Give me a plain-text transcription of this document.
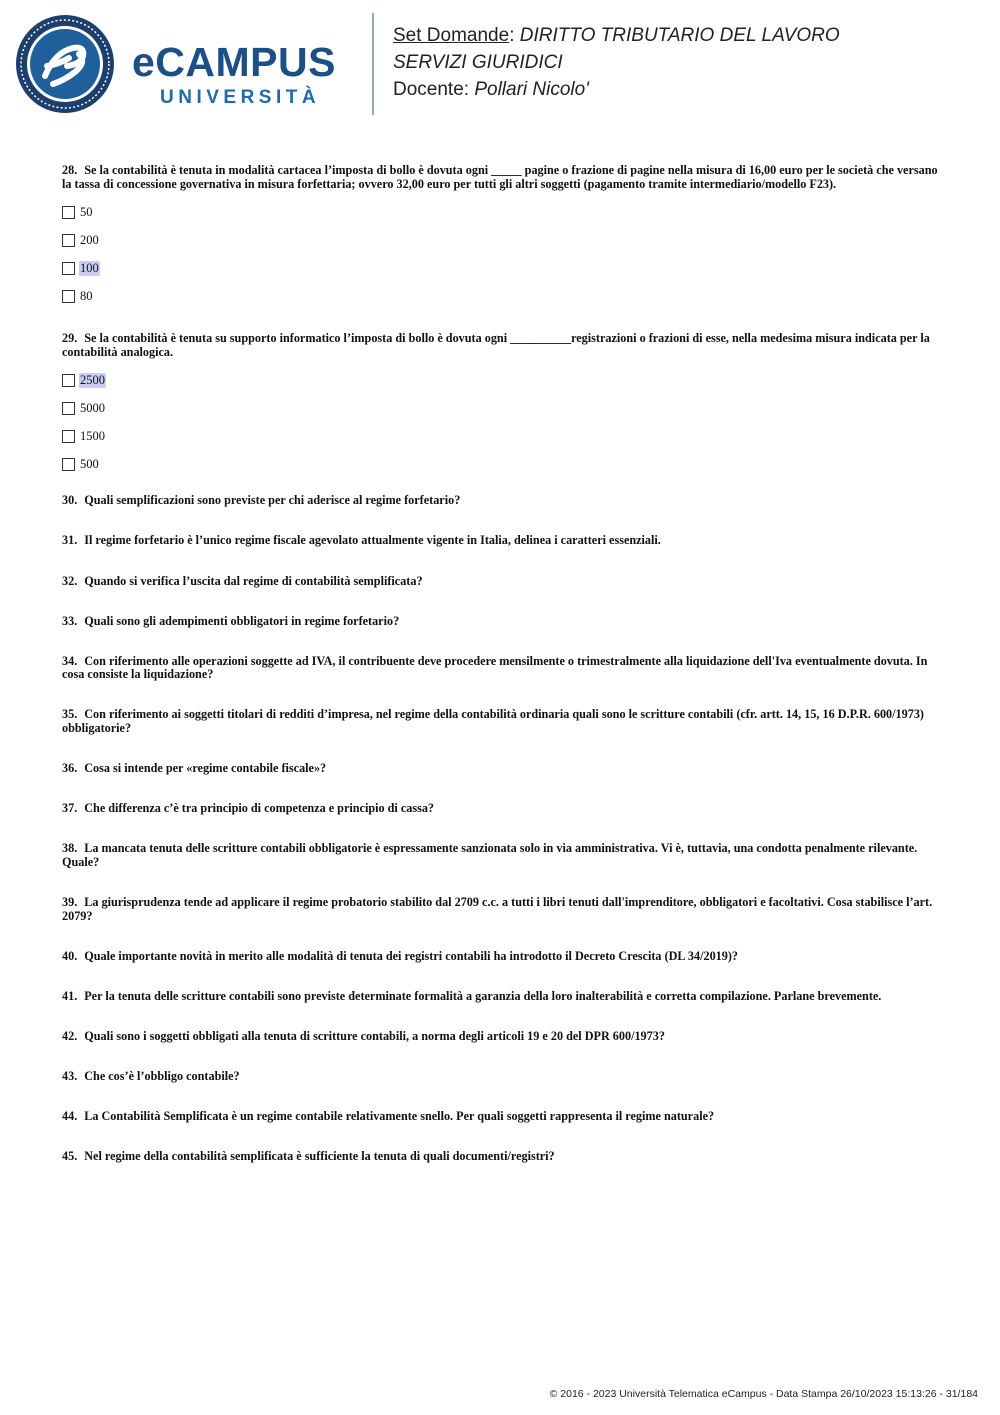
eCAMPUS
UNIVERSITÀ
Set Domande: DIRITTO TRIBUTARIO DEL LAVORO
SERVIZI GIURIDICI
Docente: Pollari Nicolo'

28. Se la contabilità è tenuta in modalità cartacea l’imposta di bollo è dovuta ogni _____ pagine o frazione di pagine nella misura di 16,00 euro per le società che versano la tassa di concessione governativa in misura forfettaria; ovvero 32,00 euro per tutti gli altri soggetti (pagamento tramite intermediario/modello F23).

50
200
100
80

29. Se la contabilità è tenuta su supporto informatico l’imposta di bollo è dovuta ogni __________registrazioni o frazioni di esse, nella medesima misura indicata per la contabilità analogica.

2500
5000
1500
500

30. Quali semplificazioni sono previste per chi aderisce al regime forfetario?

31. Il regime forfetario è l’unico regime fiscale agevolato attualmente vigente in Italia, delinea i caratteri essenziali.

32. Quando si verifica l’uscita dal regime di contabilità semplificata?

33. Quali sono gli adempimenti obbligatori in regime forfetario?

34. Con riferimento alle operazioni soggette ad IVA, il contribuente deve procedere mensilmente o trimestralmente alla liquidazione dell'Iva eventualmente dovuta. In cosa consiste la liquidazione?

35. Con riferimento ai soggetti titolari di redditi d’impresa, nel regime della contabilità ordinaria quali sono le scritture contabili (cfr. artt. 14, 15, 16 D.P.R. 600/1973) obbligatorie?

36. Cosa si intende per «regime contabile fiscale»?

37. Che differenza c’è tra principio di competenza e principio di cassa?

38. La mancata tenuta delle scritture contabili obbligatorie è espressamente sanzionata solo in via amministrativa. Vi è, tuttavia, una condotta penalmente rilevante. Quale?

39. La giurisprudenza tende ad applicare il regime probatorio stabilito dal 2709 c.c. a tutti i libri tenuti dall'imprenditore, obbligatori e facoltativi. Cosa stabilisce l’art. 2079?

40. Quale importante novità in merito alle modalità di tenuta dei registri contabili ha introdotto il Decreto Crescita (DL 34/2019)?

41. Per la tenuta delle scritture contabili sono previste determinate formalità a garanzia della loro inalterabilità e corretta compilazione. Parlane brevemente.

42. Quali sono i soggetti obbligati alla tenuta di scritture contabili, a norma degli articoli 19 e 20 del DPR 600/1973?

43. Che cos’è l’obbligo contabile?

44. La Contabilità Semplificata è un regime contabile relativamente snello. Per quali soggetti rappresenta il regime naturale?

45. Nel regime della contabilità semplificata è sufficiente la tenuta di quali documenti/registri?

© 2016 - 2023 Università Telematica eCampus - Data Stampa 26/10/2023 15:13:26 - 31/184
